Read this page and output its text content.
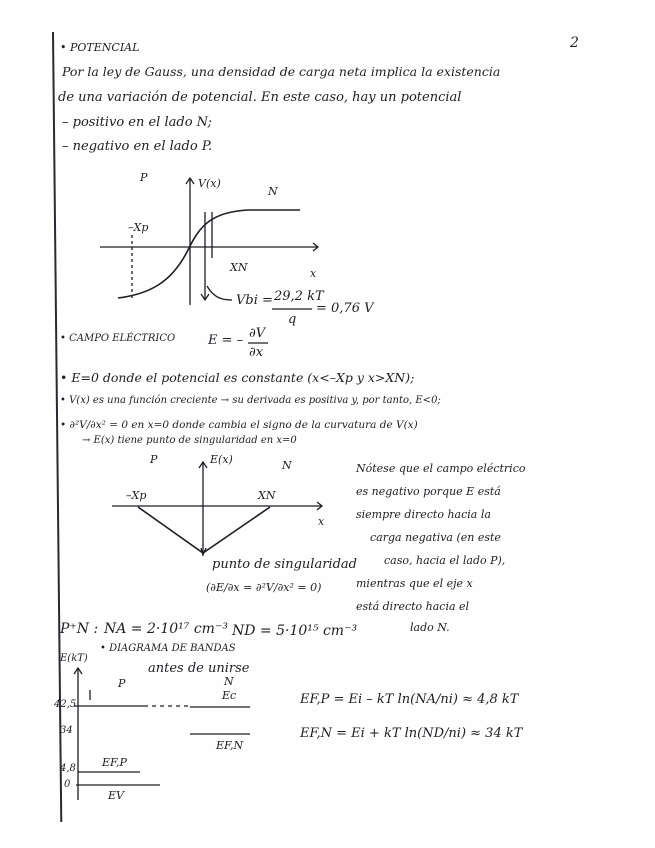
2
• POTENCIAL
Por la ley de Gauss, una densidad de carga neta implica la existencia
de una variación de potencial. En este caso, hay un potencial
– positivo en el lado N;
– negativo en el lado P.
P
N
V(x)
x
–Xp
XN
Vbi = 29,2 kT
q
= 0,76 V
• CAMPO ELÉCTRICO	E = – ∂V
∂x
• E=0 donde el potencial es constante (x<–Xp y x>XN);
• V(x) es una función creciente → su derivada es positiva y, por tanto, E<0;
• ∂²V/∂x² = 0 en x=0 donde cambia el signo de la curvatura de V(x)
→ E(x) tiene punto de singularidad en x=0
P	N
E(x)
x
–Xp	XN
punto de singularidad
(∂E/∂x = ∂²V/∂x² = 0)
Nótese que el campo eléctrico
es negativo porque E está
siempre directo hacia la
carga negativa (en este
caso, hacia el lado P),
mientras que el eje x
está directo hacia el
lado N.
P⁺N : NA = 2·10¹⁷ cm⁻³ ND = 5·10¹⁵ cm⁻³
• DIAGRAMA DE BANDAS
antes de unirse
E(kT)
P	N
42,5
34
4,8
0
Ec
EF,N
EF,P
EV
EF,P = Ei – kT ln(NA/ni) ≈ 4,8 kT
EF,N = Ei + kT ln(ND/ni) ≈ 34 kT
